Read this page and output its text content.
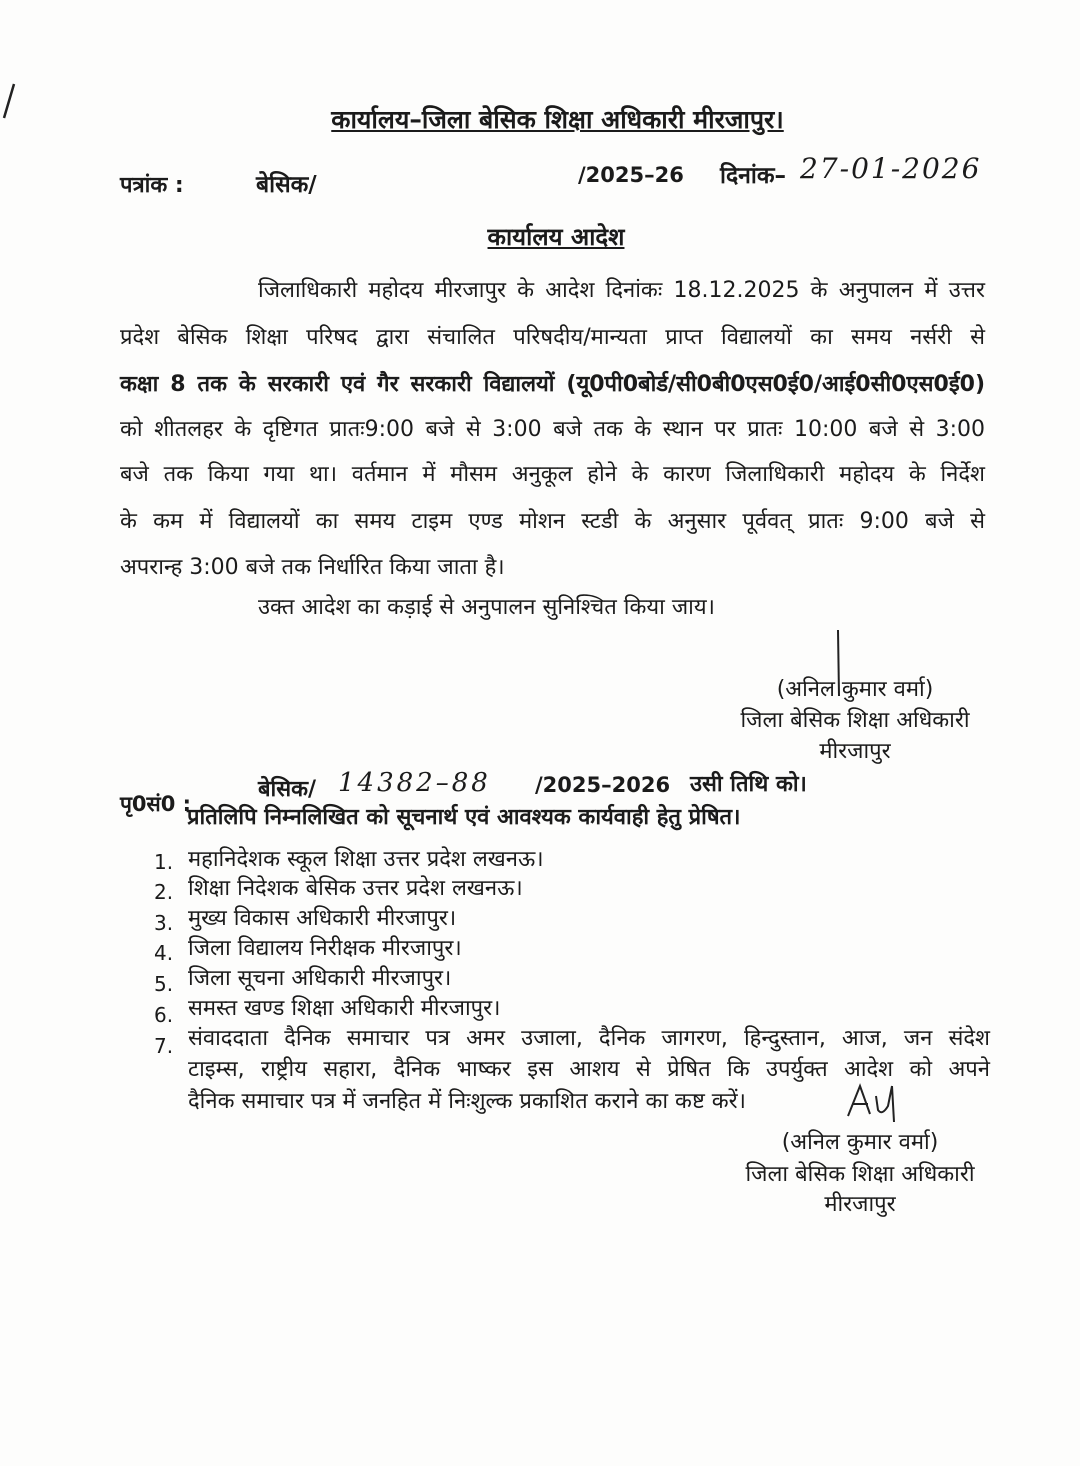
कार्यालय–जिला बेसिक शिक्षा अधिकारी मीरजापुर।
पत्रांक :	बेसिक/	/2025–26 दिनांक– 27-01-2026
कार्यालय आदेश
जिलाधिकारी महोदय मीरजापुर के आदेश दिनांकः 18.12.2025 के अनुपालन में उत्तर
प्रदेश बेसिक शिक्षा परिषद द्वारा संचालित परिषदीय/मान्यता प्राप्त विद्यालयों का समय नर्सरी से
कक्षा 8 तक के सरकारी एवं गैर सरकारी विद्यालयों (यू0पी0बोर्ड/सी0बी0एस0ई0/आई0सी0एस0ई0)
को शीतलहर के दृष्टिगत प्रातः9:00 बजे से 3:00 बजे तक के स्थान पर प्रातः 10:00 बजे से 3:00
बजे तक किया गया था। वर्तमान में मौसम अनुकूल होने के कारण जिलाधिकारी महोदय के निर्देश
के कम में विद्यालयों का समय टाइम एण्ड मोशन स्टडी के अनुसार पूर्ववत् प्रातः 9:00 बजे से
अपरान्ह 3:00 बजे तक निर्धारित किया जाता है।
उक्त आदेश का कड़ाई से अनुपालन सुनिश्चित किया जाय।
(अनिल कुमार वर्मा)
जिला बेसिक शिक्षा अधिकारी
मीरजापुर
पृ0सं0 :
बेसिक/ 14382–88 /2025–2026 उसी तिथि को।
प्रतिलिपि निम्नलिखित को सूचनार्थ एवं आवश्यक कार्यवाही हेतु प्रेषित।
1. महानिदेशक स्कूल शिक्षा उत्तर प्रदेश लखनऊ।
2. शिक्षा निदेशक बेसिक उत्तर प्रदेश लखनऊ।
3. मुख्य विकास अधिकारी मीरजापुर।
4. जिला विद्यालय निरीक्षक मीरजापुर।
5. जिला सूचना अधिकारी मीरजापुर।
6. समस्त खण्ड शिक्षा अधिकारी मीरजापुर।
7. संवाददाता दैनिक समाचार पत्र अमर उजाला, दैनिक जागरण, हिन्दुस्तान, आज, जन संदेश
टाइम्स, राष्ट्रीय सहारा, दैनिक भाष्कर इस आशय से प्रेषित कि उपर्युक्त आदेश को अपने
दैनिक समाचार पत्र में जनहित में निःशुल्क प्रकाशित कराने का कष्ट करें।
(अनिल कुमार वर्मा)
जिला बेसिक शिक्षा अधिकारी
मीरजापुर
